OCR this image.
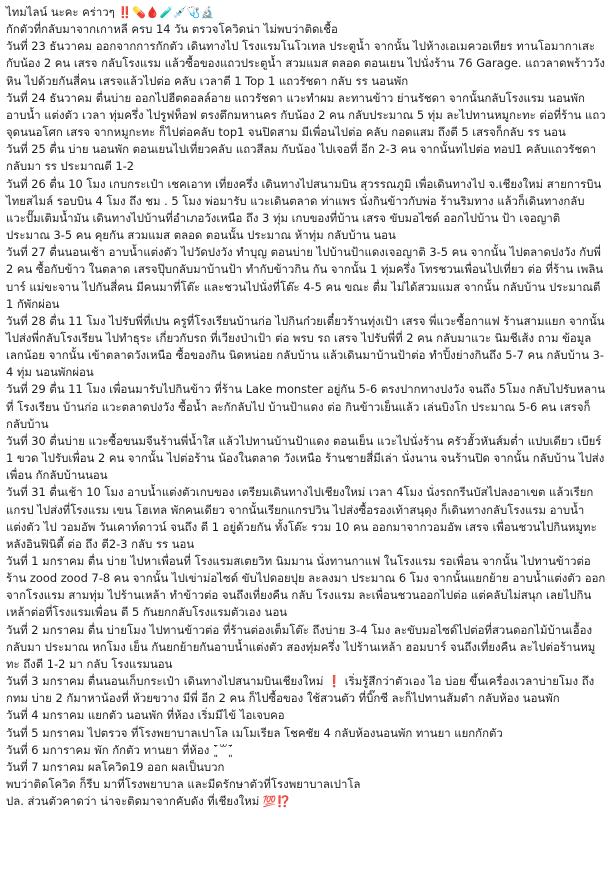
ไทมไลน์ นะคะ คร่าวๆ ‼️💊🩸🧪💉🩺🔬

กักตัวที่กลับมาจากเกาหลี ครบ 14 วัน ตรวจโควิดน่า ไม่พบว่าติดเชื้อ

วันที่ 23 ธันวาคม ออกจากการกักตัว เดินทางไป โรงแรมโนโวเทล ประตูน้ำ จากนั้น ไปห้างเอเมควอเทียร ทานโอมากาเสะ กับน้อง 2 คน เสรจ กลับโรงแรม แล้วซื้อของแถวประตูน้ำ สวมแมส ตลอด ตอนเยน ไปนั่งร้าน 76 Garage. แถวลาดพร้าววังหิน ไปด้วยกันสี่คน เสรจแล้วไปต่อ คลับ เวลาตี 1 Top 1 แถวรัชดา กลับ รร นอนพัก

วันที่ 24 ธันวาคม ตื่นบ่าย ออกไปฮีตดอลล์อาย แถวรัชดา แวะทำผม ละทานข้าว ย่านรัชดา จากนั้นกลับโรงแรม นอนพัก อาบน้ำ แต่งตัว เวลา ทุ่มครึ่ง ไปรูฟท็อฟ ตรงตึกมหานคร กับน้อง 2 คน กลับประมาณ 5 ทุ่ม ละไปทานหมูกะทะ ต่อที่ร้าน แถวจุดนนอโศก เสรจ จากหมูกะทะ ก็ไปต่อคลับ top1 จนปิดสาม มีเพื่อนไปต่อ คลับ กอดแสม ถึงตี 5 เสรจก็กลับ รร นอน

วันที่ 25 ตื่น บ่าย นอนพัก ตอนเยนไปเที่ยวคลับ แถวสีลม กับน้อง ไปเจอที่ อีก 2-3 คน จากนั้นทไปต่อ ทอป1 คลับแถวรัชดา กลับมา รร ประมาณตี 1-2

วันที่ 26 ตื่น 10 โมง เกบกระเป๋า เชคเอาท เที่ยงครึ่ง เดินทางไปสนามบิน สุวรรณภูมิ เพื่อเดินทางไป จ.เชียงใหม่ สายการบิน ไทยสไมล์ รอบบิน 4 โมง ถึง ชม . 5 โมง พ่อมารับ แวะเดินตลาด ท่าแพร นั่งกินข้าวกับพ่อ ร้านริมทาง แล้วก็เดินทางกลับ แวะปั๊มเติมน้ำมัน เดินทางไปบ้านที่อำเภอวังเหนือ ถึง 3 ทุ่ม เกบของที่บ้าน เสรจ ขับมอไซด์ ออกไปบ้าน ป้า เจอญาติ ประมาณ 3-5 คน คุยกัน สวมแมส ตลอด ตอนนั้น ประมาณ ห้าทุ่ม กลับบ้าน นอน

วันที่ 27 ตื่นนอนเช้า อาบน้ำแต่งตัว ไปวัดปงวัง ทำบุญ ตอนบ่าย ไปบ้านป้าแดงเจอญาติ 3-5 คน จากนั้น ไปตลาดปงวัง กับพี่ 2 คน ซื้อกับข้าว ในตลาด เสรจปุ๊บกลับมาบ้านป้า ทำกับข้าวกิน กัน จากนั้น 1 ทุ่มครึ่ง โทรชวนเพื่อนไปเที่ยว ต่อ ที่ร้าน เพลินบาร์ แม่ขะจาน ไปกันสี่คน มีคนมาที่โต๊ะ และชวนไปนั่งที่โต๊ะ 4-5 คน ขณะ ตื่ม ไม่ได้สวมแมส จากนั้น กลับบ้าน ประมาณตี 1 กัพักผ่อน

วันที่ 28 ตื่น 11 โมง ไปรับพี่ที่เปน ครูที่โรงเรียนบ้านก่อ ไปกินก๋วยเตี๋ยวร้านทุ่งเป้า เสรจ พี่แวะซื้อกาแฟ ร้านสามแยก จากนั้นไปส่งพี่กลับโรงเรียน ไปทำธุระ เกี่ยวกับรถ ที่เวียงป่าเป้า ต่อ พรบ รถ เสรจ ไปรับพี่ที่ 2 คน กลับมาแวะ นิมชีเส้ง ถาม ข้อมูลเลกน้อย จากนั้น เข้าตลาดวังเหนือ ซื้อของกิน นิดหน่อย กลับบ้าน แล้วเดินมาบ้านป้าต่อ ทำปิ้งย่างกินถึง 5-7 คน กลับบ้าน 3-4 ทุ่ม นอนพักผ่อน

วันที่ 29 ตื่น 11 โมง เพื่อนมารับไปกินข้าว ที่ร้าน Lake monster อยู่กัน 5-6 ตรงปากทางปงวัง จนถึง 5โมง กลับไปรับหลานที่ โรงเรียน บ้านก่อ แวะตลาดปงวัง ซื้อน้ำ ละกักลับไป บ้านป้าแดง ต่อ กินข้าวเย็นแล้ว เล่นบิงโก ประมาณ 5-6 คน เสรจก็กลับบ้าน

วันที่ 30 ตื่นบ่าย แวะซื้อขนมจีนร้านพี่น้ำใส แล้วไปทานบ้านป้าแดง ตอนเย็น แวะไปนั่งร้าน ครัวฮั้วหันส์มต่ำ แปบเดียว เบียร์ 1 ขวด ไปรับเพื่อน 2 คน จากนั้น ไปต่อร้าน น้องในตลาด วังเหนือ ร้านชายสี่มีเล่า นั่งนาน จนร้านปิด จากนั้น กลับบ้าน ไปส่งเพื่อน กักลับบ้านนอน

วันที่ 31 ตื่นเช้า 10 โมง อาบน้ำแต่งตัวเกบของ เตรียมเดินทางไปเชียงใหม่ เวลา 4โมง นั่งรถกรีนบัสไปลงอาเขต แล้วเรียกแกรป ไปส่งที่โรงแรม เขน โฮเทล พักคนเดียว จากนั้นเรียกแกรปวิน ไปส่งซื้อรองเท้าสนุดุง ก็เดินทางกลับโรงแรม อาบน้ำ แต่งตัว ไป วอมอัพ วันเคาท์ดาวน์ จนถึง ตี 1 อยู่ด้วยกัน ทั้งโต๊ะ รวม 10 คน ออกมาจากวอมอัพ เสรจ เพื่อนชวนไปกินหมูทะ หลังอินฟินิตี้ ต่อ ถึง ตี2-3 กลับ รร นอน

วันที่ 1 มกราคม ตื่น บ่าย ไปหาเพื่อนที่ โรงแรมสเตยวิท นิมมาน นั่งทานกาแฟ ในโรงแรม รอเพื่อน จากนั้น ไปทานข้าวต่อ ร้าน zood zood 7-8 คน จากนั้น ไปเข่าม่อไซด์ ขับไปดอยปุย ละลงมา ประมาณ 6 โมง จากนั้นแยกย้าย อาบน้ำแต่งตัว ออกจากโรงแรม สามทุ่ม ไปร้านเหล้า ทำข้าวต่อ จนถึงเที่ยงคืน กลับ โรงแรม ละเพื่อนชวนออกไปต่อ แต่คลับไม่สนุก เลยไปกินเหล้าต่อที่โรงแรมเพื่อน ตี 5 กันยกกลับโรงแรมตัวเอง นอน

วันที่ 2 มกราคม ตื่น บ่ายโมง ไปทานข้าวต่อ ที่ร้านต่องเต็มโต๊ะ ถึงบ่าย 3-4 โมง ละขับมอไซด์ไปต่อที่สวนดอกไม้บ้านเอื้อง

กลับมา ประมาณ หกโมง เย็น กันยกย้ายกันอาบน้ำแต่งตัว สองทุ่มครึ่ง ไปร้านเหล้า ฮอมบาร์ จนถึงเที่ยงคืน ละไปต่อร้านหมูทะ ถึงตี 1-2 มา กลับ โรงแรมนอน

วันที่ 3 มกราคม ตื่นนอนเก็บกระเป๋า เดินทางไปสนามบินเชียงใหม่ ❗ เริ่มรู้สึกว่าตัวเอง ไอ บ่อย ขึ้นเครื่องเวลาบ่ายโมง ถึง กทม บ่าย 2 กัมาหาน้องที่ ห้วยขวาง มีพี่ อีก 2 คน ก็ไปซื้อของ ใช้สวนตัว ที่บิ๊กซี ละก็ไปทานส้มตำ กลับห้อง นอนพัก

วันที่ 4 มกราคม แยกตัว นอนพัก ที่ห้อง เริ่มมีไข้ ไอเจบคอ

วันที่ 5 มกราคม ไปตรวจ ที่โรงพยาบาลเปาโล เมโมเรียล โชคชัย 4 กลับห้องนอนพัก ทานยา แยกกักตัว

วันที่ 6 มการาคม พัก กักตัว ทานยา ที่ห้อง ˉ͈̀꒳ˉ͈́

วันที่ 7 มกราคม ผลโควิด19 ออก ผลเป็นบวก

พบว่าติดโควิด ก็รีบ มาที่โรงพยาบาล และมีดรักษาตัวที่โรงพยาบาลเปาโล

ปล. ส่วนตัวคาดว่า น่าจะติดมาจากคับดัง ที่เชียงใหม่ 💯⁉️
